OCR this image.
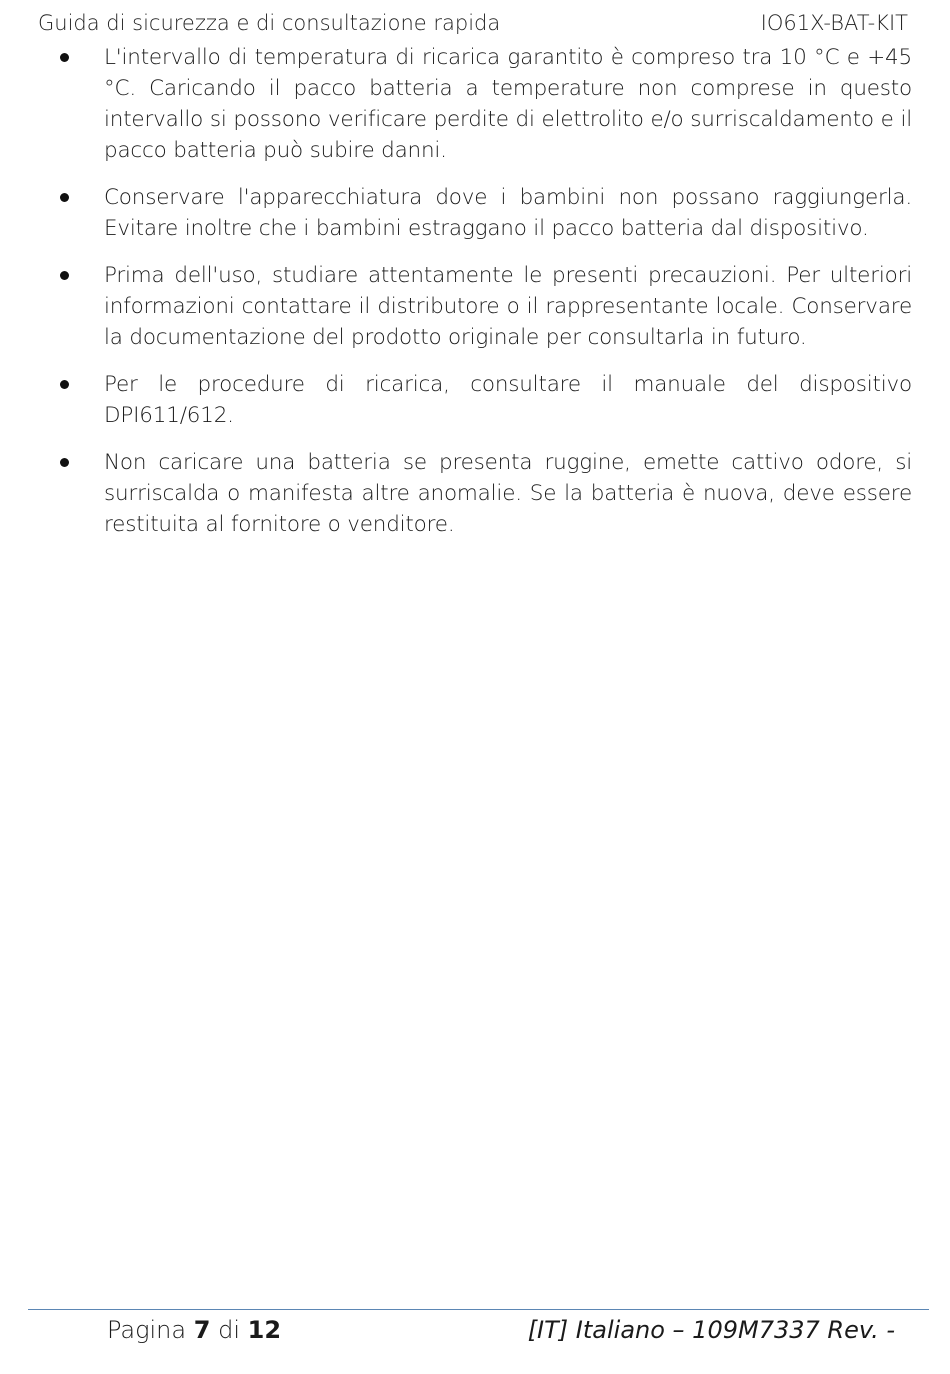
Guida di sicurezza e di consultazione rapida	IO61X-BAT-KIT
L'intervallo di temperatura di ricarica garantito è compreso tra 10 °C e +45 °C. Caricando il pacco batteria a temperature non comprese in questo intervallo si possono verificare perdite di elettrolito e/o surriscaldamento e il pacco batteria può subire danni.
Conservare l'apparecchiatura dove i bambini non possano raggiungerla. Evitare inoltre che i bambini estraggano il pacco batteria dal dispositivo.
Prima dell'uso, studiare attentamente le presenti precauzioni. Per ulteriori informazioni contattare il distributore o il rappresentante locale. Conservare la documentazione del prodotto originale per consultarla in futuro.
Per le procedure di ricarica, consultare il manuale del dispositivo DPI611/612.
Non caricare una batteria se presenta ruggine, emette cattivo odore, si surriscalda o manifesta altre anomalie. Se la batteria è nuova, deve essere restituita al fornitore o venditore.
Pagina 7 di 12	[IT] Italiano – 109M7337 Rev. -
